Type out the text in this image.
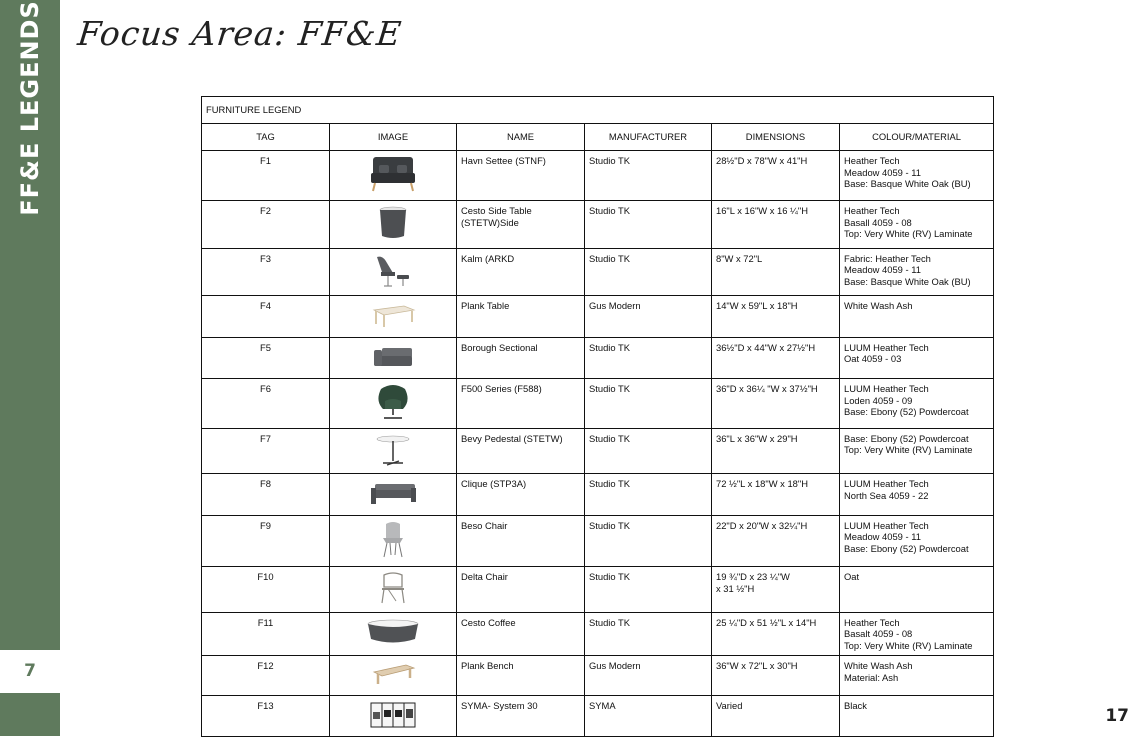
FF&E LEGENDS
7
Focus Area: FF&E
FURNITURE LEGEND					
TAG	IMAGE	NAME	MANUFACTURER	DIMENSIONS	COLOUR/MATERIAL
F1		Havn Settee (STNF)	Studio TK	28½"D x 78"W x 41"H	Heather Tech
Meadow 4059 - 11
Base: Basque White Oak (BU)

F2		Cesto Side Table (STETW)Side	Studio TK	16"L x 16"W x 16 ¼"H	Heather Tech
Basall 4059 - 08
Top: Very White (RV) Laminate

F3		Kalm (ARKD	Studio TK	8"W x 72"L	Fabric: Heather Tech
Meadow 4059 - 11
Base: Basque White Oak (BU)

F4		Plank Table	Gus Modern	14"W x 59"L x 18"H	White Wash Ash

F5		Borough Sectional	Studio TK	36½"D x 44"W x 27½"H	LUUM Heather Tech
Oat 4059 - 03

F6		F500 Series (F588)	Studio TK	36"D x 36¼ "W x 37½"H	LUUM Heather Tech
Loden 4059 - 09
Base: Ebony (52) Powdercoat

F7		Bevy Pedestal (STETW)	Studio TK	36"L x 36"W x 29"H	Base: Ebony (52) Powdercoat
Top: Very White (RV) Laminate

F8		Clique (STP3A)	Studio TK	72 ½"L x 18"W x 18"H	LUUM Heather Tech
North Sea 4059 - 22

F9		Beso Chair	Studio TK	22"D x 20"W x 32¼"H	LUUM Heather Tech
Meadow 4059 - 11
Base: Ebony (52) Powdercoat

F10		Delta Chair	Studio TK	19 ¾"D x 23 ¼"W
x 31 ½"H	Oat

F11		Cesto Coffee	Studio TK	25 ¼"D x 51 ½"L x 14"H	Heather Tech
Basalt 4059 - 08
Top: Very White (RV) Laminate

F12		Plank Bench	Gus Modern	36"W x 72"L x 30"H	White Wash Ash
Material: Ash

F13		SYMA- System 30	SYMA	Varied	Black
17
